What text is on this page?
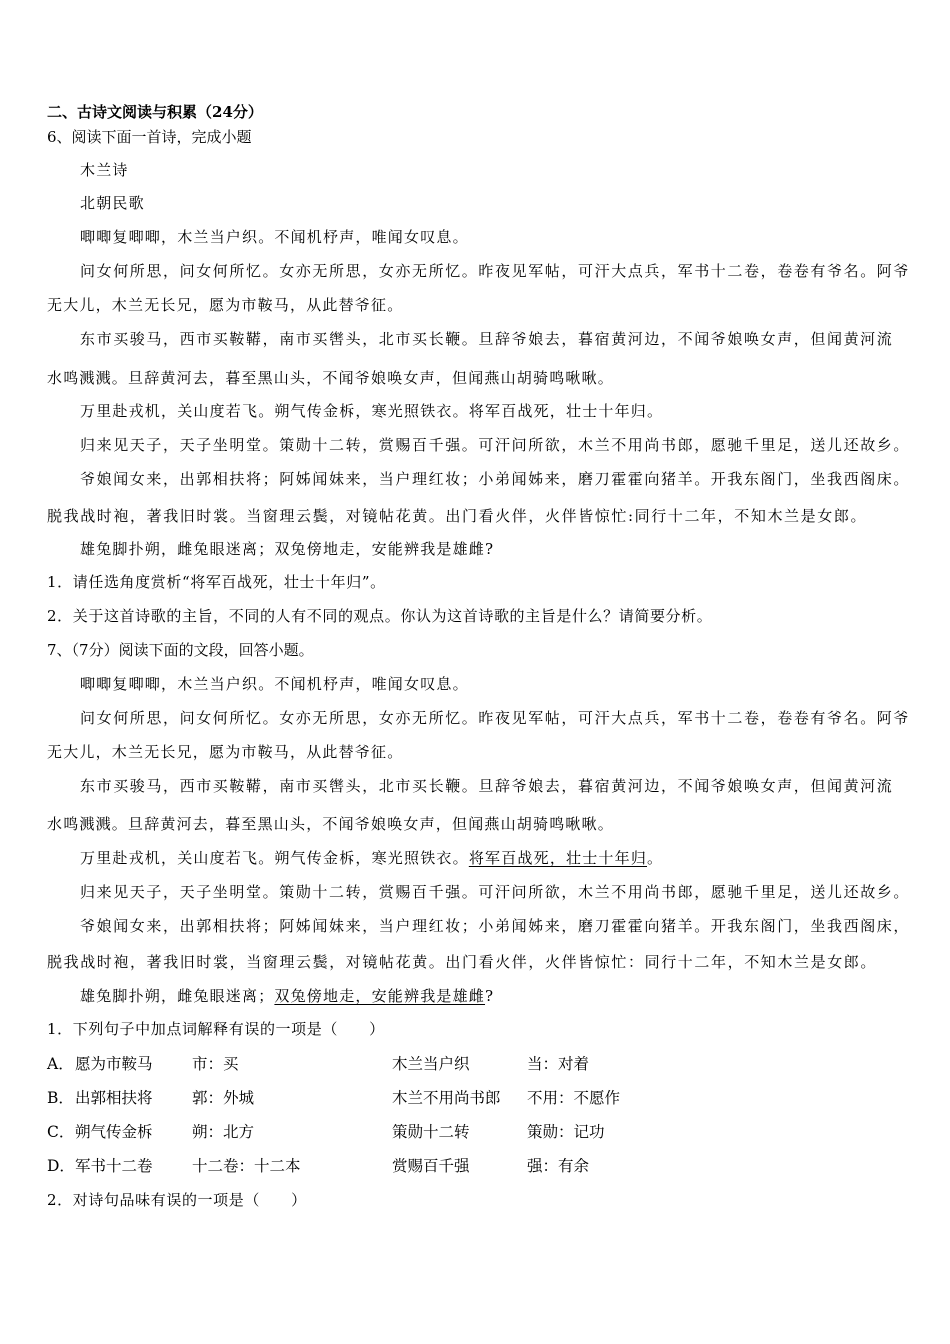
二、古诗文阅读与积累（24分）
6、阅读下面一首诗，完成小题
木兰诗
北朝民歌
唧唧复唧唧，木兰当户织。不闻机杼声，唯闻女叹息。
问女何所思，问女何所忆。女亦无所思，女亦无所忆。昨夜见军帖，可汗大点兵，军书十二卷，卷卷有爷名。阿爷
无大儿，木兰无长兄，愿为市鞍马，从此替爷征。
东市买骏马，西市买鞍鞯，南市买辔头，北市买长鞭。旦辞爷娘去，暮宿黄河边，不闻爷娘唤女声，但闻黄河流
水鸣溅溅。旦辞黄河去，暮至黑山头，不闻爷娘唤女声，但闻燕山胡骑鸣啾啾。
万里赴戎机，关山度若飞。朔气传金柝，寒光照铁衣。将军百战死，壮士十年归。
归来见天子，天子坐明堂。策勋十二转，赏赐百千强。可汗问所欲，木兰不用尚书郎，愿驰千里足，送儿还故乡。
爷娘闻女来，出郭相扶将；阿姊闻妹来，当户理红妆；小弟闻姊来，磨刀霍霍向猪羊。开我东阁门，坐我西阁床。
脱我战时袍，著我旧时裳。当窗理云鬓，对镜帖花黄。出门看火伴，火伴皆惊忙:同行十二年，不知木兰是女郎。
雄兔脚扑朔，雌兔眼迷离；双兔傍地走，安能辨我是雄雌?
1．请任选角度赏析“将军百战死，壮士十年归”。
2．关于这首诗歌的主旨，不同的人有不同的观点。你认为这首诗歌的主旨是什么？请简要分析。
7、（7分）阅读下面的文段，回答小题。
唧唧复唧唧，木兰当户织。不闻机杼声，唯闻女叹息。
问女何所思，问女何所忆。女亦无所思，女亦无所忆。昨夜见军帖，可汗大点兵，军书十二卷，卷卷有爷名。阿爷
无大儿，木兰无长兄，愿为市鞍马，从此替爷征。
东市买骏马，西市买鞍鞯，南市买辔头，北市买长鞭。旦辞爷娘去，暮宿黄河边，不闻爷娘唤女声，但闻黄河流
水鸣溅溅。旦辞黄河去，暮至黑山头，不闻爷娘唤女声，但闻燕山胡骑鸣啾啾。
万里赴戎机，关山度若飞。朔气传金柝，寒光照铁衣。将军百战死，壮士十年归。
归来见天子，天子坐明堂。策勋十二转，赏赐百千强。可汗问所欲，木兰不用尚书郎，愿驰千里足，送儿还故乡。
爷娘闻女来，出郭相扶将；阿姊闻妹来，当户理红妆；小弟闻姊来，磨刀霍霍向猪羊。开我东阁门，坐我西阁床，
脱我战时袍，著我旧时裳，当窗理云鬓，对镜帖花黄。出门看火伴，火伴皆惊忙：同行十二年，不知木兰是女郎。
雄兔脚扑朔，雌兔眼迷离；双兔傍地走，安能辨我是雄雌?
1．下列句子中加点词解释有误的一项是（　　）
A． 愿为市鞍马	市：买	木兰当户织	当：对着
B． 出郭相扶将	郭：外城	木兰不用尚书郎 不用：不愿作
C． 朔气传金柝	朔：北方	策勋十二转	策勋：记功
D． 军书十二卷	十二卷：十二本	赏赐百千强	强：有余
2．对诗句品味有误的一项是（　　）
